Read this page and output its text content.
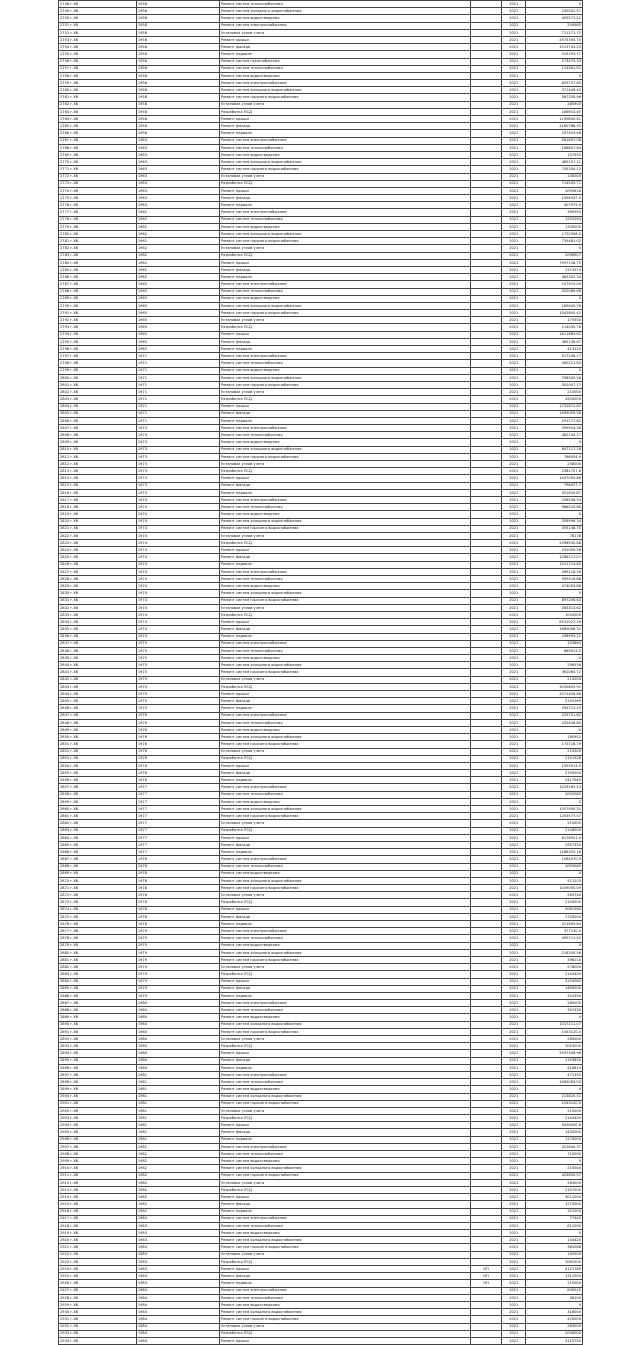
2748 г.Хб	1958	Ремонт систем теплоснабжения		2021	0
2749 г.Хб	1958	Ремонт систем холодного водоснабжения		2021	240542.57
2750 г.Хб	1958	Ремонт систем водоотведения		2021	405571.52
2751 г.Хб	1958	Ремонт систем электроснабжения		2021	204985
2752 г.Хб	1958	Установка узлов учета		2021	711271.72
2753 г.Хб	1958	Ремонт крыши		2021	2975305.75
2754 г.Хб	1958	Ремонт фасада		2021	1519743.23
2755 г.Хб	1958	Ремонт подвала		2021	415293.71
2756 г.Хб	1958	Ремонт систем газоснабжения		2021	173475.33
2757 г.Хб	1958	Ремонт систем теплоснабжения		2021	124561.01
2758 г.Хб	1958	Ремонт систем водоотведения		2021	0
2759 г.Хб	1958	Ремонт систем электроснабжения		2021	829737.65
2760 г.Хб	1958	Ремонт систем холодного водоснабжения		2021	371449.45
2761 г.Хб	1958	Ремонт систем горячего водоснабжения		2021	587335.96
2762 г.Хб	1958	Установка узлов учета		2021	265900
2763 г.Хб	1958	Разработка ПСД		2021	186614.45
2764 г.Хб	1958	Ремонт крыши		2021	1190850.41
2765 г.Хб	1958	Ремонт фасада		2021	2180788.93
2766 г.Хб	1958	Ремонт подвала		2021	297453.46
2767 г.Хб	1963	Ремонт систем электроснабжения		2021	581607.08
2768 г.Хб	1963	Ремонт систем теплоснабжения		2021	188807.64
2769 г.Хб	1963	Ремонт систем водоотведения		2021	107550
2770 г.Хб	1963	Ремонт систем холодного водоснабжения		2021	485207.11
2771 г.Хб	1963	Ремонт систем горячего водоснабжения		2021	705350.12
2772 г.Хб	1963	Установка узлов учета		2021	130000
2773 г.Хб	1963	Разработка ПСД		2021	714505.71
2774 г.Хб	1963	Ремонт крыши		2021	1095618
2775 г.Хб	1963	Ремонт фасада		2021	1056437.5
2776 г.Хб	1963	Ремонт подвала		2021	407975.9
2777 г.Хб	1962	Ремонт систем электроснабжения		2021	390993
2778 г.Хб	1962	Ремонт систем теплоснабжения		2021	1250284
2779 г.Хб	1962	Ремонт систем водоотведения		2021	1700000
2780 г.Хб	1962	Ремонт систем холодного водоснабжения		2021	1720398.5
2781 г.Хб	1962	Ремонт систем горячего водоснабжения		2021	735481.02
2782 г.Хб	1962	Установка узлов учета		2021	0
2783 г.Хб	1962	Разработка ПСД		2021	2098907
2784 г.Хб	1962	Ремонт крыши		2021	7997158.75
2785 г.Хб	1962	Ремонт фасада		2021	1174274
2786 г.Хб	1962	Ремонт подвала		2021	483302.34
2787 г.Хб	1965	Ремонт систем электроснабжения		2021	107919.09
2788 г.Хб	1965	Ремонт систем теплоснабжения		2021	352089.66
2789 г.Хб	1965	Ремонт систем водоотведения		2021	0
2790 г.Хб	1965	Ремонт систем холодного водоснабжения		2021	189945.76
2791 г.Хб	1965	Ремонт систем горячего водоснабжения		2021	1042605.42
2792 г.Хб	1965	Установка узлов учета		2021	175500
2793 г.Хб	1965	Разработка ПСД		2021	114045.76
2794 г.Хб	1965	Ремонт крыши		2021	1611683.62
2795 г.Хб	1965	Ремонт фасада		2021	385136.67
2796 г.Хб	1965	Ремонт подвала		2021	413120
2797 г.Хб	1971	Ремонт систем электроснабжения		2021	517208.27
2798 г.Хб	1971	Ремонт систем теплоснабжения		2021	450211.63
2799 г.Хб	1971	Ремонт систем водоотведения		2021	0
2800 г.Хб	1971	Ремонт систем холодного водоснабжения		2021	798500.58
2801 г.Хб	1971	Ремонт систем горячего водоснабжения		2021	352007.77
2802 г.Хб	1971	Установка узлов учета		2021	210000
2803 г.Хб	1971	Разработка ПСД		2021	4500000
2804 г.Хб	1971	Ремонт крыши		2021	1752872.82
2805 г.Хб	1971	Ремонт фасада		2021	1499009.58
2806 г.Хб	1971	Ремонт подвала		2021	291277.82
2807 г.Хб	1973	Ремонт систем электроснабжения		2021	399924.28
2808 г.Хб	1973	Ремонт систем теплоснабжения		2021	482150.27
2809 г.Хб	1973	Ремонт систем водоотведения		2021	0
2810 г.Хб	1973	Ремонт систем холодного водоснабжения		2021	847117.28
2811 г.Хб	1973	Ремонт систем горячего водоснабжения		2021	766054.9
2812 г.Хб	1973	Установка узлов учета		2021	258000
2813 г.Хб	1973	Разработка ПСД		2021	2381707.6
2814 г.Хб	1973	Ремонт крыши		2021	1447054.86
2815 г.Хб	1973	Ремонт фасада		2021	796057.7
2816 г.Хб	1973	Ремонт подвала		2021	351620.87
2817 г.Хб	1974	Ремонт систем электроснабжения		2021	256558.93
2818 г.Хб	1974	Ремонт систем теплоснабжения		2021	986525.88
2819 г.Хб	1974	Ремонт систем водоотведения		2021	0
2820 г.Хб	1974	Ремонт систем холодного водоснабжения		2021	358996.34
2821 г.Хб	1974	Ремонт систем горячего водоснабжения		2021	455148.75
2822 г.Хб	1974	Установка узлов учета		2021	78178
2823 г.Хб	1974	Разработка ПСД		2021	2398530.88
2824 г.Хб	1974	Ремонт крыши		2021	431059.56
2825 г.Хб	1974	Ремонт фасада		2021	1286117.07
2826 г.Хб	1974	Ремонт подвала		2021	1911714.65
2827 г.Хб	1974	Ремонт систем электроснабжения		2021	269118.26
2828 г.Хб	1974	Ремонт систем теплоснабжения		2021	595516.68
2829 г.Хб	1974	Ремонт систем водоотведения		2021	474003.86
2830 г.Хб	1974	Ремонт систем холодного водоснабжения		2021	0
2831 г.Хб	1974	Ремонт систем горячего водоснабжения		2021	897206.83
2832 г.Хб	1974	Установка узлов учета		2021	283313.62
2833 г.Хб	1974	Разработка ПСД		2021	1050000
2834 г.Хб	1974	Ремонт крыши		2021	8531027.28
2835 г.Хб	1974	Ремонт фасада		2021	1680008.31
2836 г.Хб	1974	Ремонт подвала		2021	298993.21
2837 г.Хб	1975	Ремонт систем электроснабжения		2021	333884
2838 г.Хб	1975	Ремонт систем теплоснабжения		2021	689013.5
2839 г.Хб	1975	Ремонт систем водоотведения		2021	0
2840 г.Хб	1975	Ремонт систем холодного водоснабжения		2021	296558
2841 г.Хб	1975	Ремонт систем горячего водоснабжения		2021	361064.72
2842 г.Хб	1975	Установка узлов учета		2021	210000
2843 г.Хб	1975	Разработка ПСД		2021	3030855.91
2844 г.Хб	1975	Ремонт крыши		2021	2071426.66
2845 г.Хб	1975	Ремонт фасада		2021	2145169
2846 г.Хб	1975	Ремонт подвала		2021	294712.23
2847 г.Хб	1976	Ремонт систем электроснабжения		2021	229751.82
2848 г.Хб	1976	Ремонт систем теплоснабжения		2021	432456.89
2849 г.Хб	1976	Ремонт систем водоотведения		2021	0
2850 г.Хб	1976	Ремонт систем холодного водоснабжения		2021	185952
2851 г.Хб	1976	Ремонт систем горячего водоснабжения		2021	172716.79
2852 г.Хб	1976	Установка узлов учета		2021	210000
2853 г.Хб	1976	Разработка ПСД		2021	2151928
2854 г.Хб	1976	Ремонт крыши		2021	1593513.5
2855 г.Хб	1976	Ремонт фасада		2021	2745000
2856 г.Хб	1976	Ремонт подвала		2021	2417045
2857 г.Хб	1977	Ремонт систем электроснабжения		2021	1029185.43
2858 г.Хб	1977	Ремонт систем теплоснабжения		2021	2002085
2859 г.Хб	1977	Ремонт систем водоотведения		2021	0
2860 г.Хб	1977	Ремонт систем холодного водоснабжения		2021	1057950.31
2861 г.Хб	1977	Ремонт систем горячего водоснабжения		2021	1203577.57
2862 г.Хб	1977	Установка узлов учета		2021	210000
2863 г.Хб	1977	Разработка ПСД		2021	2148000
2864 г.Хб	1977	Ремонт крыши		2021	6178051.4
2865 г.Хб	1977	Ремонт фасада		2021	2937350
2866 г.Хб	1977	Ремонт подвала		2021	1188320.18
2867 г.Хб	1978	Ремонт систем электроснабжения		2021	1064070.9
2868 г.Хб	1978	Ремонт систем теплоснабжения		2021	1059085
2869 г.Хб	1978	Ремонт систем водоотведения		2021	0
2870 г.Хб	1978	Ремонт систем холодного водоснабжения		2021	511203
2871 г.Хб	1978	Ремонт систем горячего водоснабжения		2021	1039055.09
2872 г.Хб	1978	Установка узлов учета		2021	263740
2873 г.Хб	1978	Разработка ПСД		2021	2145000
2874 г.Хб	1978	Ремонт крыши		2021	5081560
2875 г.Хб	1978	Ремонт фасада		2021	1730000
2876 г.Хб	1978	Ремонт подвала		2021	311605.84
2877 г.Хб	1979	Ремонт систем электроснабжения		2021	377130.5
2878 г.Хб	1979	Ремонт систем теплоснабжения		2021	495711.52
2879 г.Хб	1979	Ремонт систем водоотведения		2021	0
2880 г.Хб	1979	Ремонт систем холодного водоснабжения		2021	218205.56
2881 г.Хб	1979	Ремонт систем горячего водоснабжения		2021	396210
2882 г.Хб	1979	Установка узлов учета		2021	278000
2883 г.Хб	1979	Разработка ПСД		2021	2144400
2884 г.Хб	1979	Ремонт крыши		2021	3155080
2885 г.Хб	1979	Ремонт фасада		2021	1480000
2886 г.Хб	1979	Ремонт подвала		2021	324350
2887 г.Хб	1980	Ремонт систем электроснабжения		2021	280000
2888 г.Хб	1980	Ремонт систем теплоснабжения		2021	397530
2889 г.Хб	1980	Ремонт систем водоотведения		2021	0
2890 г.Хб	1980	Ремонт систем холодного водоснабжения		2021	1017211.07
2891 г.Хб	1980	Ремонт систем горячего водоснабжения		2021	1043120.5
2892 г.Хб	1980	Установка узлов учета		2021	285000
2893 г.Хб	1980	Разработка ПСД		2021	1053000
2894 г.Хб	1980	Ремонт крыши		2021	2937358.98
2895 г.Хб	1980	Ремонт фасада		2021	1193850
2896 г.Хб	1980	Ремонт подвала		2021	419815
2897 г.Хб	1981	Ремонт систем электроснабжения		2021	471350
2898 г.Хб	1981	Ремонт систем теплоснабжения		2021	1089063.03
2899 г.Хб	1981	Ремонт систем водоотведения		2021	0
2900 г.Хб	1981	Ремонт систем холодного водоснабжения		2021	213820.31
2901 г.Хб	1981	Ремонт систем горячего водоснабжения		2021	1043120.5
2902 г.Хб	1981	Установка узлов учета		2021	210000
2903 г.Хб	1981	Разработка ПСД		2021	2144400
2904 г.Хб	1981	Ремонт крыши		2021	5026000.6
2905 г.Хб	1981	Ремонт фасада		2021	1430000
2906 г.Хб	1981	Ремонт подвала		2021	1170000
2907 г.Хб	1982	Ремонт систем электроснабжения		2021	421840.37
2908 г.Хб	1982	Ремонт систем теплоснабжения		2021	710000
2909 г.Хб	1982	Ремонт систем водоотведения		2021	0
2910 г.Хб	1982	Ремонт систем холодного водоснабжения		2021	215000
2911 г.Хб	1982	Ремонт систем горячего водоснабжения		2021	423650.97
2912 г.Хб	1982	Установка узлов учета		2021	283000
2913 г.Хб	1982	Разработка ПСД		2021	2107000
2914 г.Хб	1982	Ремонт крыши		2021	3011000
2915 г.Хб	1982	Ремонт фасада		2021	1270000
2916 г.Хб	1982	Ремонт подвала		2021	321000
2917 г.Хб	1983	Ремонт систем электроснабжения		2021	77445
2918 г.Хб	1983	Ремонт систем теплоснабжения		2021	611000
2919 г.Хб	1983	Ремонт систем водоотведения		2021	0
2920 г.Хб	1983	Ремонт систем холодного водоснабжения		2021	143420
2921 г.Хб	1983	Ремонт систем горячего водоснабжения		2021	361068
2922 г.Хб	1983	Установка узлов учета		2021	192000
2923 г.Хб	1983	Разработка ПСД		2021	1061000
2924 г.Хб	1983	Ремонт крыши	НП	2021	4121789
2925 г.Хб	1983	Ремонт фасада	НП	2021	1311005
2926 г.Хб	1983	Ремонт подвала	НП	2021	215000
2927 г.Хб	1984	Ремонт систем электроснабжения		2021	649010
2928 г.Хб	1984	Ремонт систем теплоснабжения		2021	98100
2929 г.Хб	1984	Ремонт систем водоотведения		2021	0
2930 г.Хб	1984	Ремонт систем холодного водоснабжения		2021	318000
2931 г.Хб	1984	Ремонт систем горячего водоснабжения		2021	420000
2932 г.Хб	1984	Установка узлов учета		2021	285000
2933 г.Хб	1984	Разработка ПСД		2021	2058000
2934 г.Хб	1984	Ремонт крыши		2021	3110740
